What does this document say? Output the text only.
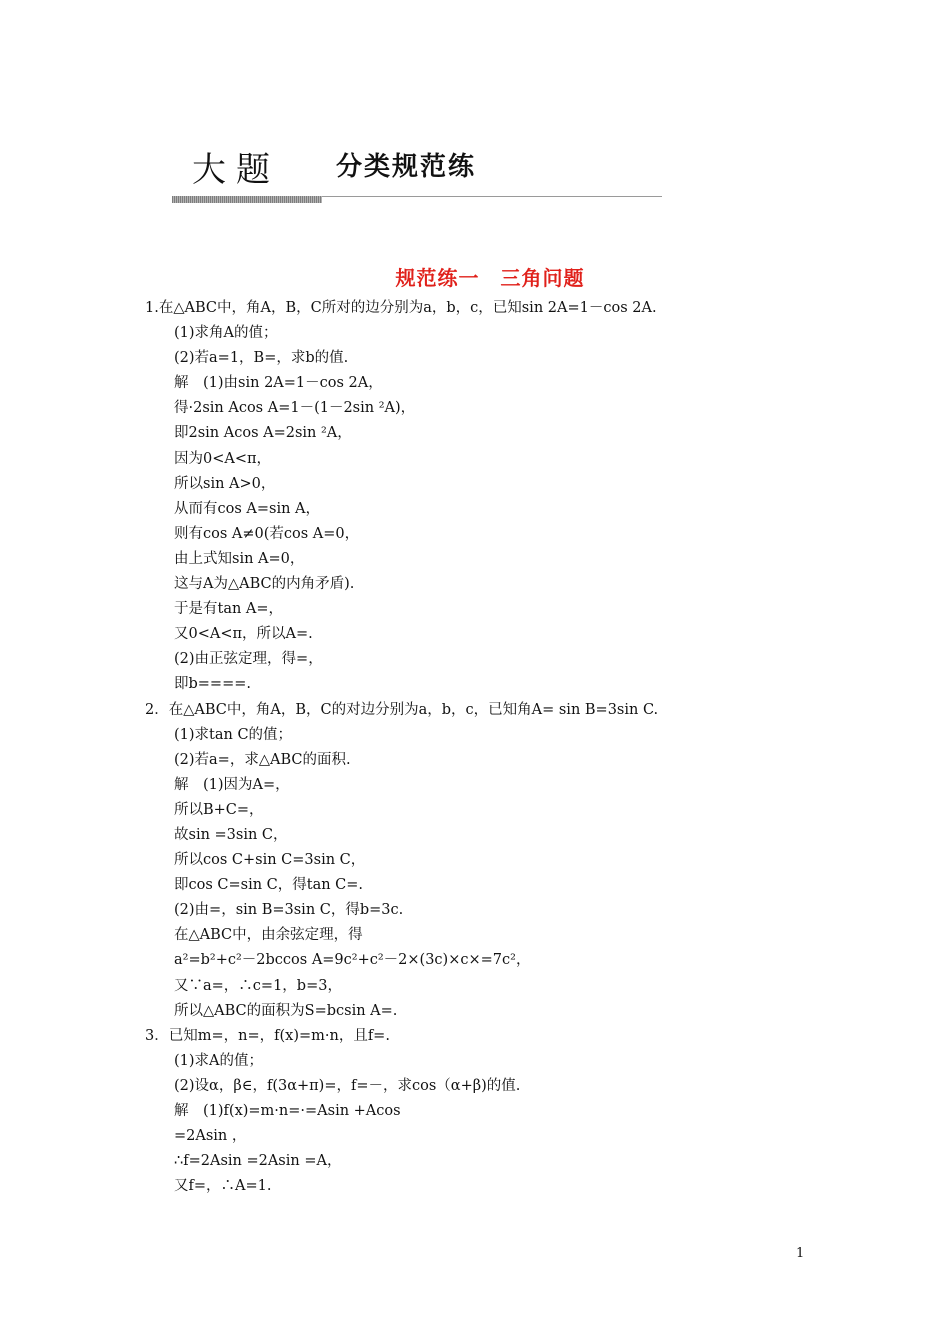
大题 分类规范练
规范练一　三角问题
1.在△ABC中，角A，B，C所对的边分别为a，b，c，已知sin 2A=1－cos 2A.
(1)求角A的值；
(2)若a=1，B=，求b的值.
解　(1)由sin 2A=1－cos 2A，
得·2sin Acos A=1－(1－2sin ²A)，
即2sin Acos A=2sin ²A，
因为0<A<π，
所以sin A>0，
从而有cos A=sin A，
则有cos A≠0(若cos A=0，
由上式知sin A=0，
这与A为△ABC的内角矛盾).
于是有tan A=，
又0<A<π，所以A=.
(2)由正弦定理，得=，
即b====.
2．在△ABC中，角A，B，C的对边分别为a，b，c，已知角A= sin B=3sin C.
(1)求tan C的值；
(2)若a=，求△ABC的面积.
解　(1)因为A=，
所以B+C=，
故sin =3sin C，
所以cos C+sin C=3sin C，
即cos C=sin C，得tan C=.
(2)由=，sin B=3sin C，得b=3c.
在△ABC中，由余弦定理，得
a²=b²+c²－2bccos A=9c²+c²－2×(3c)×c×=7c²，
又∵a=，∴c=1，b=3，
所以△ABC的面积为S=bcsin A=.
3．已知m=，n=，f(x)=m·n，且f=.
(1)求A的值；
(2)设α，β∈，f(3α+π)=，f=－，求cos（α+β)的值.
解　(1)f(x)=m·n=·=Asin +Acos
=2Asin ，
∴f=2Asin =2Asin =A，
又f=，∴A=1.
1
